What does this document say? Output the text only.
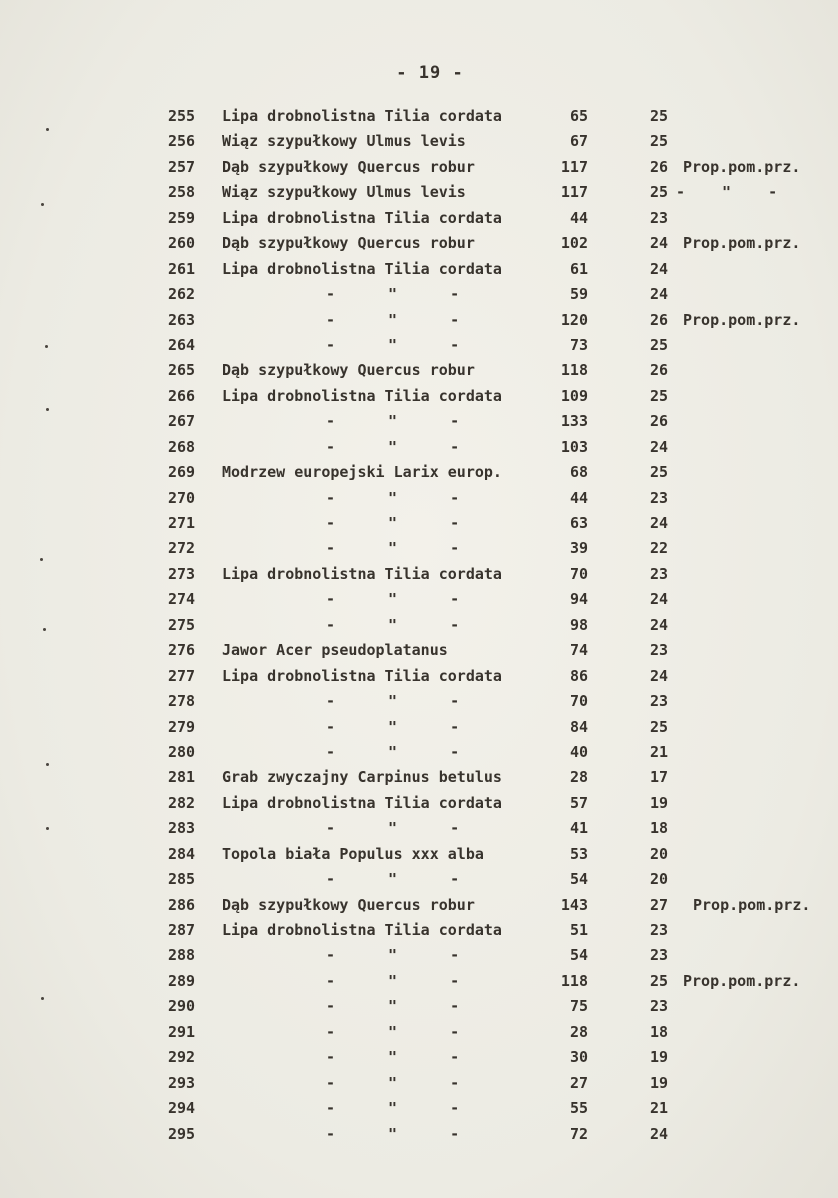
- 19 -
255	Lipa drobnolistna Tilia cordata	65	25
256	Wiąz szypułkowy Ulmus levis	67	25
257	Dąb szypułkowy Quercus robur	117	26 Prop.pom.prz.
258	Wiąz szypułkowy Ulmus levis	117	25 - " -
259	Lipa drobnolistna Tilia cordata	44	23
260	Dąb szypułkowy Quercus robur	102	24 Prop.pom.prz.
261	Lipa drobnolistna Tilia cordata	61	24
262	- " -	59	24
263	- " -	120	26 Prop.pom.prz.
264	- " -	73	25
265	Dąb szypułkowy Quercus robur	118	26
266	Lipa drobnolistna Tilia cordata	109	25
267	- " -	133	26
268	- " -	103	24
269	Modrzew europejski Larix europ.	68	25
270	- " -	44	23
271	- " -	63	24
272	- " -	39	22
273	Lipa drobnolistna Tilia cordata	70	23
274	- " -	94	24
275	- " -	98	24
276	Jawor Acer pseudoplatanus	74	23
277	Lipa drobnolistna Tilia cordata	86	24
278	- " -	70	23
279	- " -	84	25
280	- " -	40	21
281	Grab zwyczajny Carpinus betulus	28	17
282	Lipa drobnolistna Tilia cordata	57	19
283	- " -	41	18
284	Topola biała Populus xxx alba	53	20
285	- " -	54	20
286	Dąb szypułkowy Quercus robur	143	27	Prop.pom.prz.
287	Lipa drobnolistna Tilia cordata	51	23
288	- " -	54	23
289	- " -	118	25 Prop.pom.prz.
290	- " -	75	23
291	- " -	28	18
292	- " -	30	19
293	- " -	27	19
294	- " -	55	21
295	- " -	72	24
